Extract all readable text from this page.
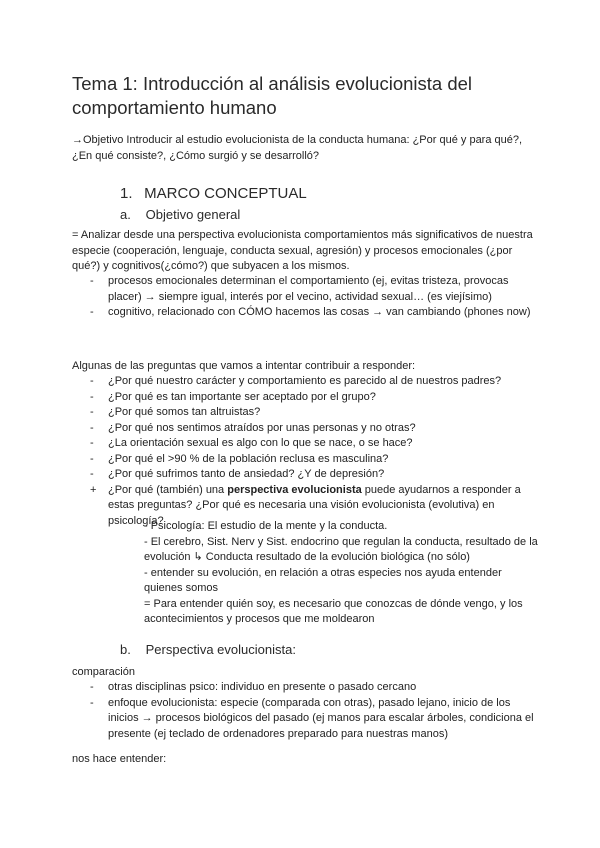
Tema 1: Introducción al análisis evolucionista del comportamiento humano

→Objetivo Introducir al estudio evolucionista de la conducta humana: ¿Por qué y para qué?, ¿En qué consiste?, ¿Cómo surgió y se desarrolló?

1. MARCO CONCEPTUAL
a. Objetivo general

= Analizar desde una perspectiva evolucionista comportamientos más significativos de nuestra especie (cooperación, lenguaje, conducta sexual, agresión) y procesos emocionales (¿por qué?) y cognitivos(¿cómo?) que subyacen a los mismos.

-	procesos emocionales determinan el comportamiento (ej, evitas tristeza, provocas placer) → siempre igual, interés por el vecino, actividad sexual… (es viejísimo)
-	cognitivo, relacionado con CÓMO hacemos las cosas → van cambiando (phones now)

Algunas de las preguntas que vamos a intentar contribuir a responder:

-	¿Por qué nuestro carácter y comportamiento es parecido al de nuestros padres?
-	¿Por qué es tan importante ser aceptado por el grupo?
-	¿Por qué somos tan altruistas?
-	¿Por qué nos sentimos atraídos por unas personas y no otras?
-	¿La orientación sexual es algo con lo que se nace, o se hace?
-	¿Por qué el >90 % de la población reclusa es masculina?
-	¿Por qué sufrimos tanto de ansiedad? ¿Y de depresión?
+	¿Por qué (también) una perspectiva evolucionista puede ayudarnos a responder a estas preguntas? ¿Por qué es necesaria una visión evolucionista (evolutiva) en psicología?
- Psicología: El estudio de la mente y la conducta.
- El cerebro, Sist. Nerv y Sist. endocrino que regulan la conducta, resultado de la evolución ↳ Conducta resultado de la evolución biológica (no sólo)
- entender su evolución, en relación a otras especies nos ayuda entender quienes somos
= Para entender quién soy, es necesario que conozcas de dónde vengo, y los acontecimientos y procesos que me moldearon
b. Perspectiva evolucionista:

comparación

-	otras disciplinas psico: individuo en presente o pasado cercano
-	enfoque evolucionista: especie (comparada con otras), pasado lejano, inicio de los inicios → procesos biológicos del pasado (ej manos para escalar árboles, condiciona el presente (ej teclado de ordenadores preparado para nuestras manos)

nos hace entender:
